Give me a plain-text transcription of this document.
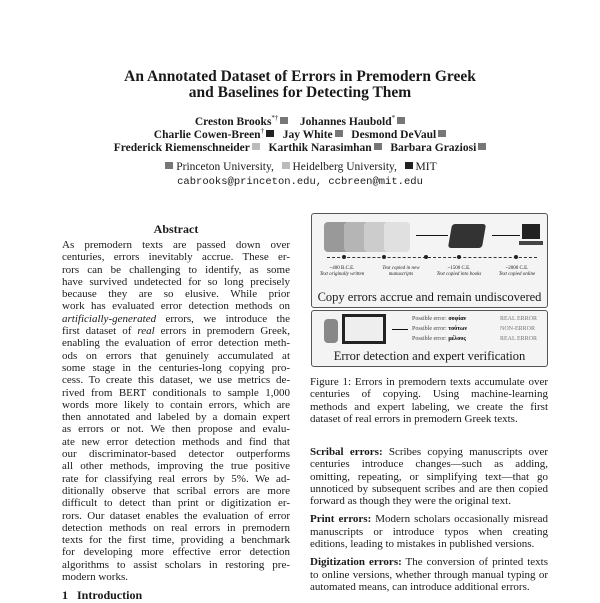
An Annotated Dataset of Errors in Premodern Greek
and Baselines for Detecting Them
Creston Brooks*† Johannes Haubold*
Charlie Cowen-Breen† Jay White Desmond DeVaul
Frederick Riemenschneider Karthik Narasimhan Barbara Graziosi
Princeton University, Heidelberg University, MIT
cabrooks@princeton.edu, ccbreen@mit.edu
Abstract
As premodern texts are passed down over
centuries, errors inevitably accrue. These er-
rors can be challenging to identify, as some
have survived undetected for so long precisely
because they are so elusive. While prior
work has evaluated error detection methods on
artificially-generated errors, we introduce the
first dataset of real errors in premodern Greek,
enabling the evaluation of error detection meth-
ods on errors that genuinely accumulated at
some stage in the centuries-long copying pro-
cess. To create this dataset, we use metrics de-
rived from BERT conditionals to sample 1,000
words more likely to contain errors, which are
then annotated and labeled by a domain expert
as errors or not. We then propose and evalu-
ate new error detection methods and find that
our discriminator-based detector outperforms
all other methods, improving the true positive
rate for classifying real errors by 5%. We ad-
ditionally observe that scribal errors are more
difficult to detect than print or digitization er-
rors. Our dataset enables the evaluation of error
detection methods on real errors in premodern
texts for the first time, providing a benchmark
for developing more effective error detection
algorithms to assist scholars in restoring pre-
modern works.
1 Introduction
~400 B.C.E.
Text originally written
Text copied in new manuscripts
~1500 C.E.
Text copied into books
~2000 C.E.
Text copied online
Copy errors accrue and remain undiscovered
Possible error: σοφίαν	REAL ERROR
Possible error: τούτων	NON-ERROR
Possible error: μέλους	REAL ERROR
Error detection and expert verification
Figure 1: Errors in premodern texts accumulate over centuries of copying. Using machine-learning methods and expert labeling, we create the first dataset of real errors in premodern Greek texts.

Scribal errors: Scribes copying manuscripts over centuries introduce changes—such as adding, omitting, repeating, or simplifying text—that go unnoticed by subsequent scribes and are then copied forward as though they were the original text.

Print errors: Modern scholars occasionally misread manuscripts or introduce typos when creating editions, leading to mistakes in published versions.

Digitization errors: The conversion of printed texts to online versions, whether through manual typing or automated means, can introduce additional errors.
